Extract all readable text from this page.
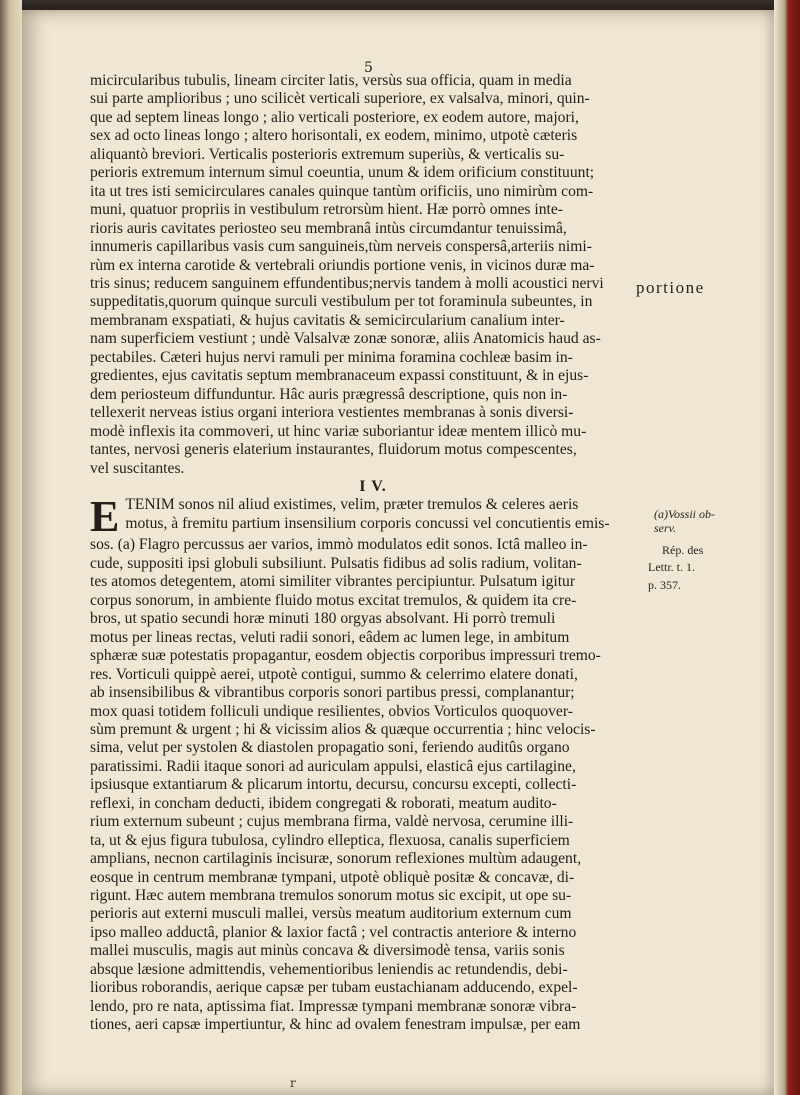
5
micircularibus tubulis, lineam circiter latis, versùs sua officia, quam in media
sui parte amplioribus ; uno scilicèt verticali superiore, ex valsalva, minori, quin-
que ad septem lineas longo ; alio verticali posteriore, ex eodem autore, majori,
sex ad octo lineas longo ; altero horisontali, ex eodem, minimo, utpotè cæteris
aliquantò breviori. Verticalis posterioris extremum superiùs, & verticalis su-
perioris extremum internum simul coeuntia, unum & idem orificium constituunt;
ita ut tres isti semicirculares canales quinque tantùm orificiis, uno nimirùm com-
muni, quatuor propriis in vestibulum retrorsùm hient. Hæ porrò omnes inte-
rioris auris cavitates periosteo seu membranâ intùs circumdantur tenuissimâ,
innumeris capillaribus vasis cum sanguineis,tùm nerveis conspersâ,arteriis nimi-
rùm ex interna carotide & vertebrali oriundis portione venis, in vicinos duræ ma-
tris sinus; reducem sanguinem effundentibus;nervis tandem à molli acoustici nervi
suppeditatis,quorum quinque surculi vestibulum per tot foraminula subeuntes, in
membranam exspatiati, & hujus cavitatis & semicircularium canalium inter-
nam superficiem vestiunt ; undè Valsalvæ zonæ sonoræ, aliis Anatomicis haud as-
pectabiles. Cæteri hujus nervi ramuli per minima foramina cochleæ basim in-
gredientes, ejus cavitatis septum membranaceum expassi constituunt, & in ejus-
dem periosteum diffunduntur. Hâc auris prægressâ descriptione, quis non in-
tellexerit nerveas istius organi interiora vestientes membranas à sonis diversi-
modè inflexis ita commoveri, ut hinc variæ suboriantur ideæ mentem illicò mu-
tantes, nervosi generis elaterium instaurantes, fluidorum motus compescentes,
vel suscitantes.
I V.
E TENIM sonos nil aliud existimes, velim, præter tremulos & celeres aeris
motus, à fremitu partium insensilium corporis concussi vel concutientis emis-
sos. (a) Flagro percussus aer varios, immò modulatos edit sonos. Ictâ malleo in-
cude, suppositi ipsi globuli subsiliunt. Pulsatis fidibus ad solis radium, volitan-
tes atomos detegentem, atomi similiter vibrantes percipiuntur. Pulsatum igitur
corpus sonorum, in ambiente fluido motus excitat tremulos, & quidem ita cre-
bros, ut spatio secundi horæ minuti 180 orgyas absolvant. Hi porrò tremuli
motus per lineas rectas, veluti radii sonori, eâdem ac lumen lege, in ambitum
sphæræ suæ potestatis propagantur, eosdem objectis corporibus impressuri tremo-
res. Vorticuli quippè aerei, utpotè contigui, summo & celerrimo elatere donati,
ab insensibilibus & vibrantibus corporis sonori partibus pressi, complanantur;
mox quasi totidem folliculi undique resilientes, obvios Vorticulos quoquover-
sùm premunt & urgent ; hi & vicissim alios & quæque occurrentia ; hinc velocis-
sima, velut per systolen & diastolen propagatio soni, feriendo auditûs organo
paratissimi. Radii itaque sonori ad auriculam appulsi, elasticâ ejus cartilagine,
ipsiusque extantiarum & plicarum intortu, decursu, concursu excepti, collecti-
reflexi, in concham deducti, ibidem congregati & roborati, meatum audito-
rium externum subeunt ; cujus membrana firma, valdè nervosa, cerumine illi-
ta, ut & ejus figura tubulosa, cylindro elleptica, flexuosa, canalis superficiem
amplians, necnon cartilaginis incisuræ, sonorum reflexiones multùm adaugent,
eosque in centrum membranæ tympani, utpotè obliquè positæ & concavæ, di-
rigunt. Hæc autem membrana tremulos sonorum motus sic excipit, ut ope su-
perioris aut externi musculi mallei, versùs meatum auditorium externum cum
ipso malleo adductâ, planior & laxior factâ ; vel contractis anteriore & interno
mallei musculis, magis aut minùs concava & diversimodè tensa, variis sonis
absque læsione admittendis, vehementioribus leniendis ac retundendis, debi-
lioribus roborandis, aerique capsæ per tubam eustachianam adducendo, expel-
lendo, pro re nata, aptissima fiat. Impressæ tympani membranæ sonoræ vibra-
tiones, aeri capsæ impertiuntur, & hinc ad ovalem fenestram impulsæ, per eam
portione
(a)Vossii ob-
serv.
Rép. des
Lettr. t. 1.
p. 357.
r
